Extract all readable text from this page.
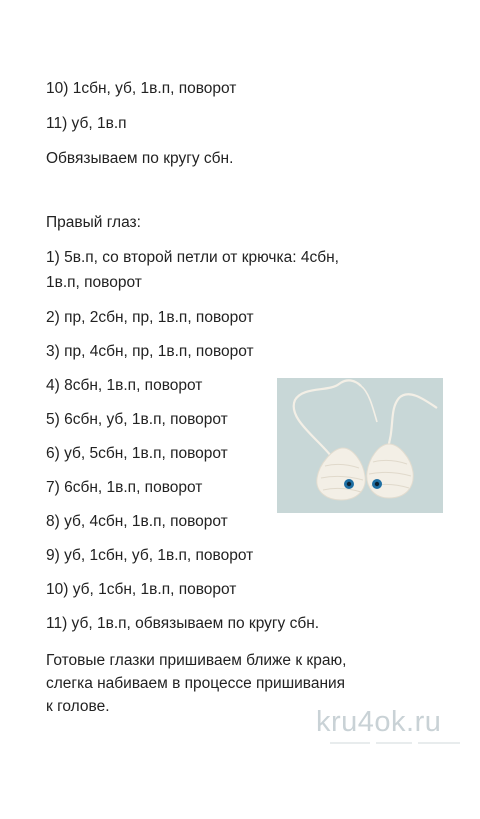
10) 1сбн, уб, 1в.п, поворот
11) уб, 1в.п
Обвязываем по кругу сбн.
Правый глаз:
1) 5в.п, со второй петли от крючка: 4сбн,
1в.п, поворот
2) пр, 2сбн, пр, 1в.п, поворот
3) пр, 4сбн, пр, 1в.п, поворот
4) 8сбн, 1в.п, поворот
5) 6сбн, уб, 1в.п, поворот
6) уб, 5сбн, 1в.п, поворот
7) 6сбн, 1в.п, поворот
8) уб, 4сбн, 1в.п, поворот
9) уб, 1сбн, уб, 1в.п, поворот
10) уб, 1сбн, 1в.п, поворот
11) уб, 1в.п, обвязываем по кругу сбн.
Готовые глазки пришиваем ближе к краю,
слегка набиваем в процессе пришивания
к голове.	kru4ok.ru
